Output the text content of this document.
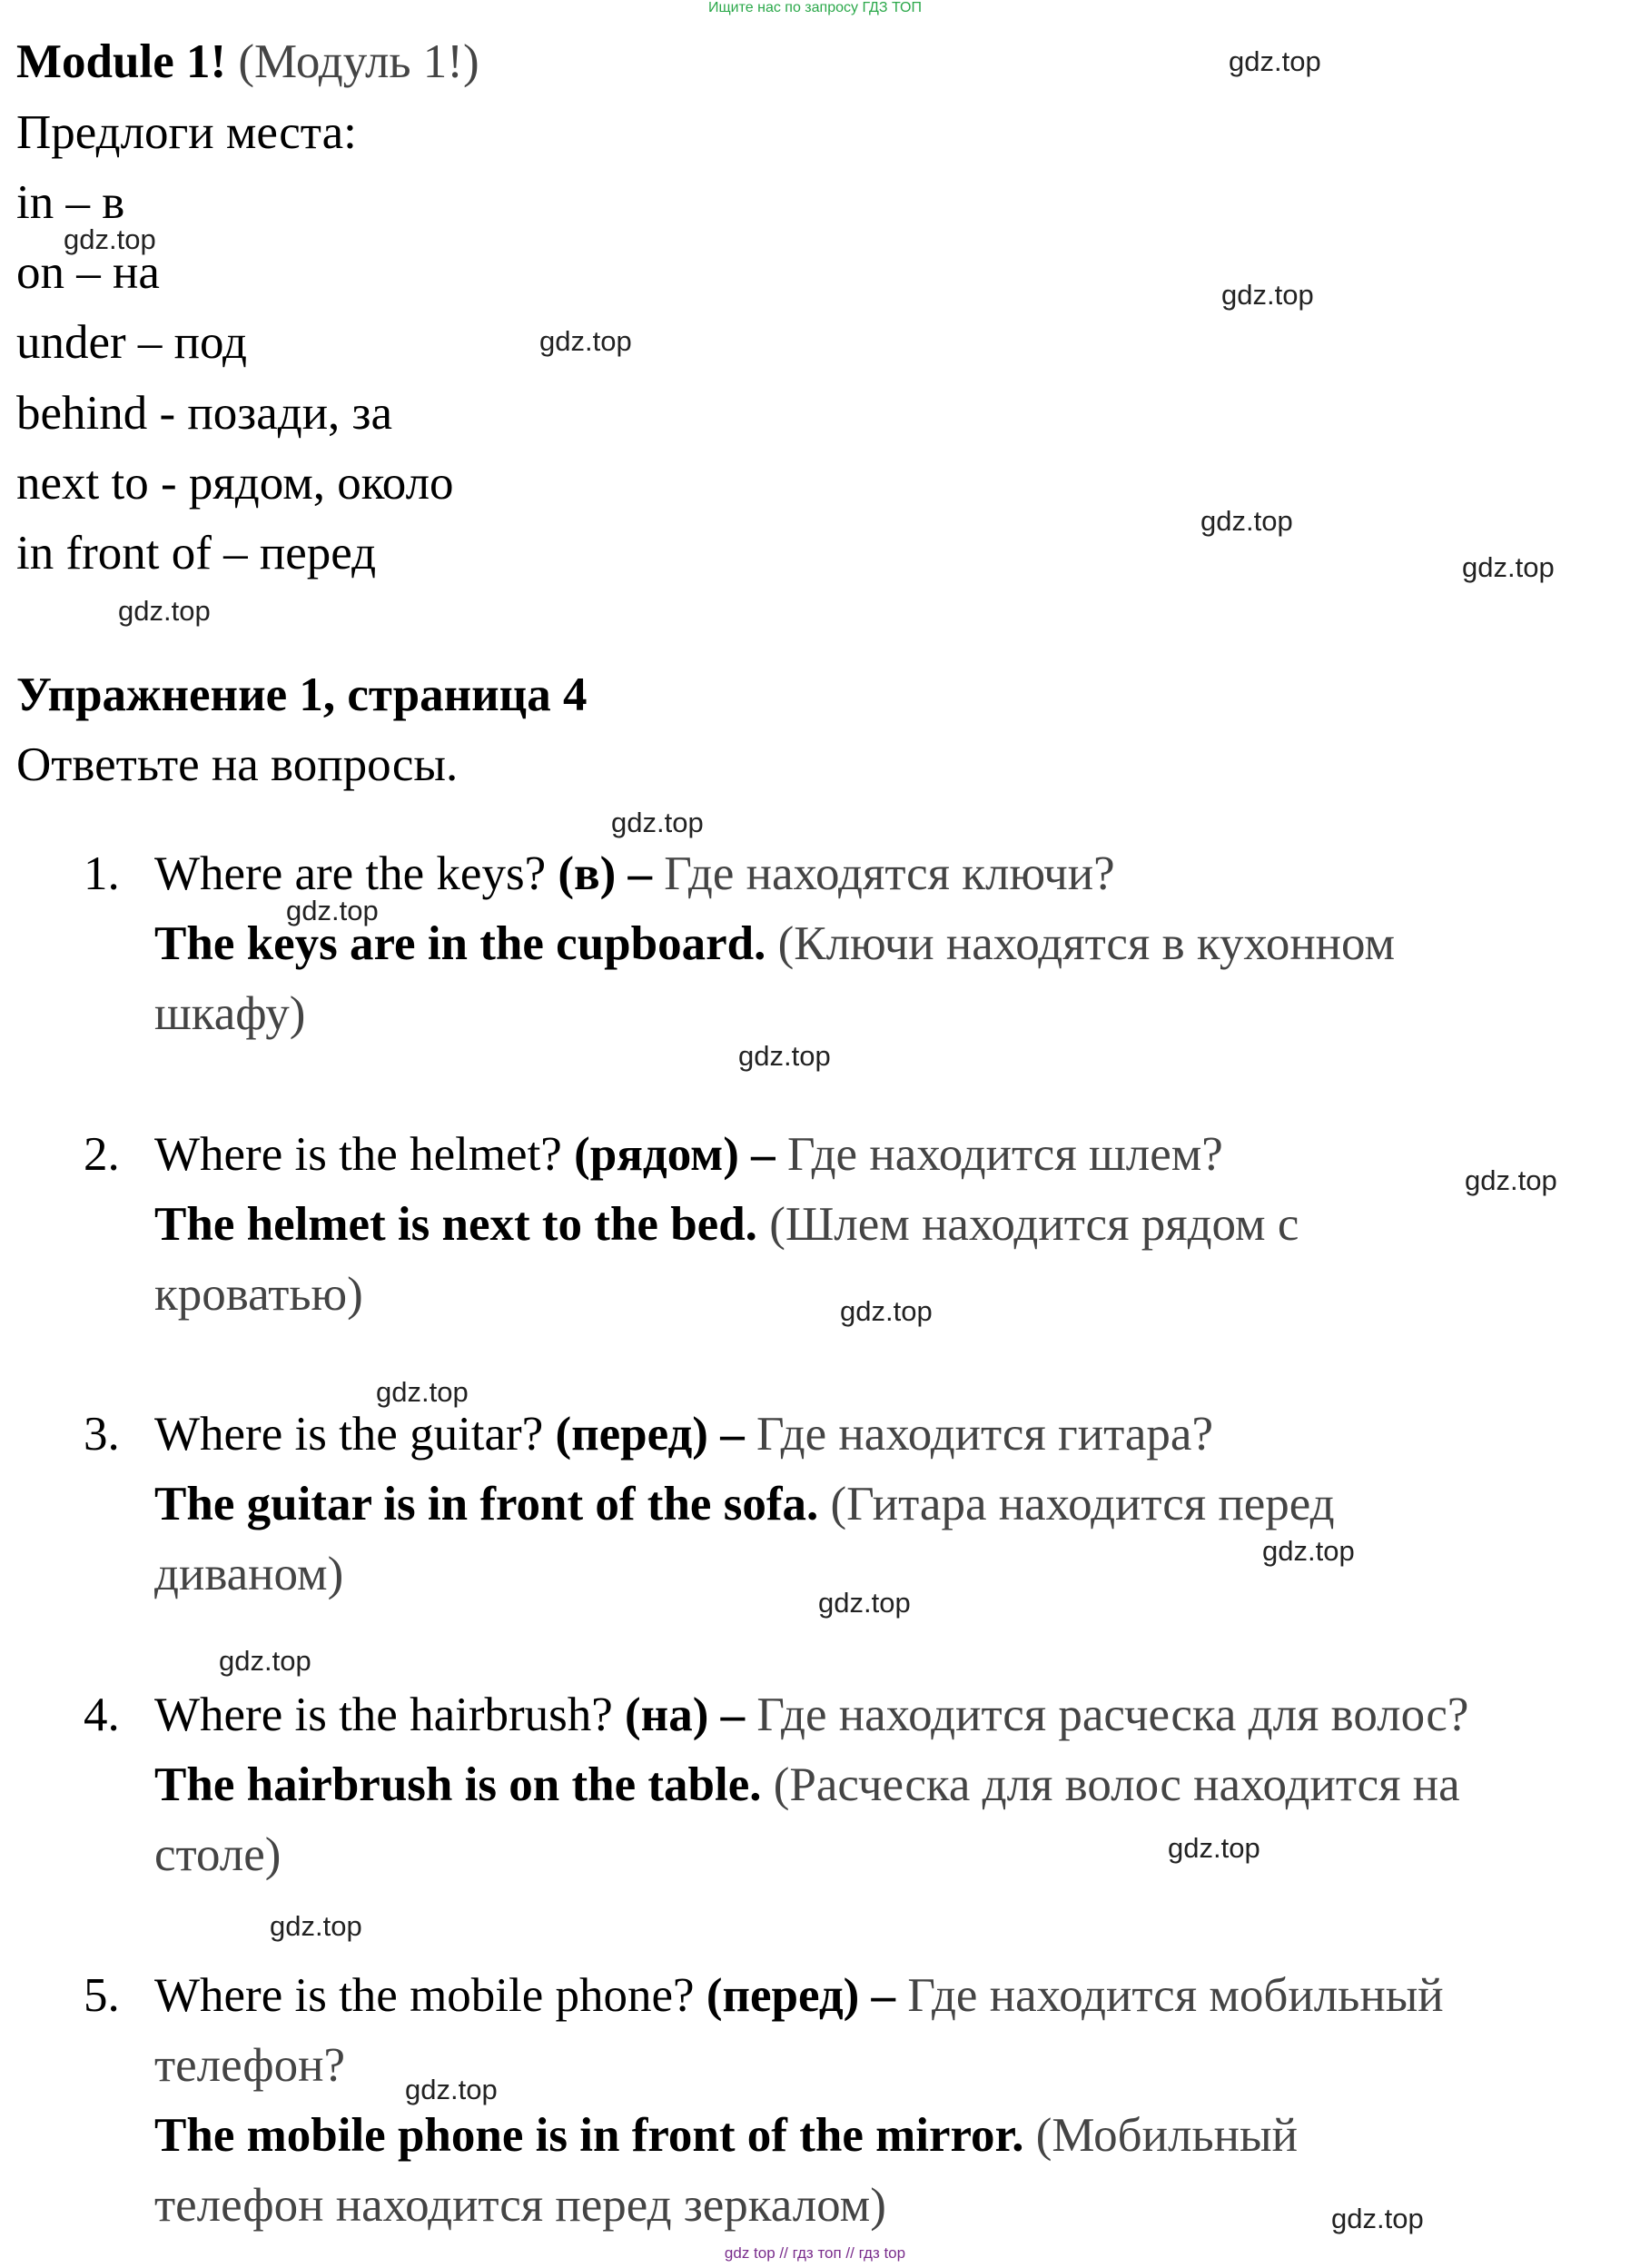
Ищите нас по запросу ГДЗ ТОП
Module 1! (Модуль 1!)
Предлоги места:
in – в
on – на
under – под
behind - позади, за
next to - рядом, около
in front of – перед
Упражнение 1, страница 4
Ответьте на вопросы.
1. Where are the keys? (в) – Где находятся ключи?
The keys are in the cupboard. (Ключи находятся в кухонном
шкафу)
2. Where is the helmet? (рядом) – Где находится шлем?
The helmet is next to the bed. (Шлем находится рядом с
кроватью)
3. Where is the guitar? (перед) – Где находится гитара?
The guitar is in front of the sofa. (Гитара находится перед
диваном)
4. Where is the hairbrush? (на) – Где находится расческа для волос?
The hairbrush is on the table. (Расческа для волос находится на
столе)
5. Where is the mobile phone? (перед) – Где находится мобильный
телефон?
The mobile phone is in front of the mirror. (Мобильный
телефон находится перед зеркалом)
gdz.top
gdz.top
gdz.top
gdz.top
gdz.top
gdz.top
gdz.top
gdz.top
gdz.top
gdz.top
gdz.top
gdz.top
gdz.top
gdz.top
gdz.top
gdz.top
gdz.top
gdz.top
gdz.top
gdz.top
gdz top // гдз топ // гдз top
